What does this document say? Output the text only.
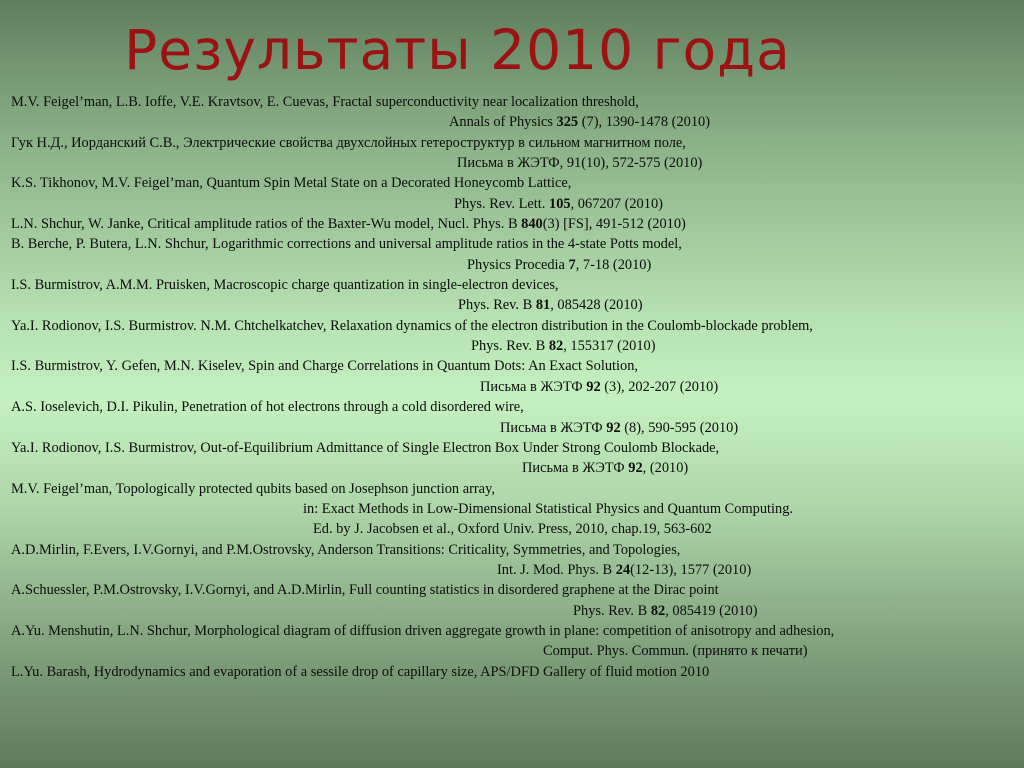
Результаты 2010 года
M.V. Feigel’man, L.B. Ioffe, V.E. Kravtsov, E. Cuevas, Fractal superconductivity near localization threshold,
Annals of Physics 325 (7), 1390-1478 (2010)
Гук Н.Д., Иорданский С.В., Электрические свойства двухслойных гетероструктур в сильном магнитном поле,
Письма в ЖЭТФ, 91(10), 572-575 (2010)
K.S. Tikhonov, M.V. Feigel’man, Quantum Spin Metal State on a Decorated Honeycomb Lattice,
Phys. Rev. Lett. 105, 067207 (2010)
L.N. Shchur, W. Janke, Critical amplitude ratios of the Baxter-Wu model, Nucl. Phys. B 840(3) [FS], 491-512 (2010)
B. Berche, P. Butera, L.N. Shchur, Logarithmic corrections and universal amplitude ratios in the 4-state Potts model,
Physics Procedia 7, 7-18 (2010)
I.S. Burmistrov, A.M.M. Pruisken, Macroscopic charge quantization in single-electron devices,
Phys. Rev. B 81, 085428 (2010)
Ya.I. Rodionov, I.S. Burmistrov. N.M. Chtchelkatchev, Relaxation dynamics of the electron distribution in the Coulomb-blockade problem,
Phys. Rev. B 82, 155317 (2010)
I.S. Burmistrov, Y. Gefen, M.N. Kiselev, Spin and Charge Correlations in Quantum Dots: An Exact Solution,
Письма в ЖЭТФ 92 (3), 202-207 (2010)
A.S. Ioselevich, D.I. Pikulin, Penetration of hot electrons through a cold disordered wire,
Письма в ЖЭТФ 92 (8), 590-595 (2010)
Ya.I. Rodionov, I.S. Burmistrov, Out-of-Equilibrium Admittance of Single Electron Box Under Strong Coulomb Blockade,
Письма в ЖЭТФ 92, (2010)
M.V. Feigel’man, Topologically protected qubits based on Josephson junction array,
in: Exact Methods in Low-Dimensional Statistical Physics and Quantum Computing.
Ed. by J. Jacobsen et al., Oxford Univ. Press, 2010, chap.19, 563-602
A.D.Mirlin, F.Evers, I.V.Gornyi, and P.M.Ostrovsky, Anderson Transitions: Criticality, Symmetries, and Topologies,
Int. J. Mod. Phys. B 24(12-13), 1577 (2010)
A.Schuessler, P.M.Ostrovsky, I.V.Gornyi, and A.D.Mirlin, Full counting statistics in disordered graphene at the Dirac point
Phys. Rev. B 82, 085419 (2010)
A.Yu. Menshutin, L.N. Shchur, Morphological diagram of diffusion driven aggregate growth in plane: competition of anisotropy and adhesion,
Comput. Phys. Commun. (принято к печати)
L.Yu. Barash, Hydrodynamics and evaporation of a sessile drop of capillary size, APS/DFD Gallery of fluid motion 2010
